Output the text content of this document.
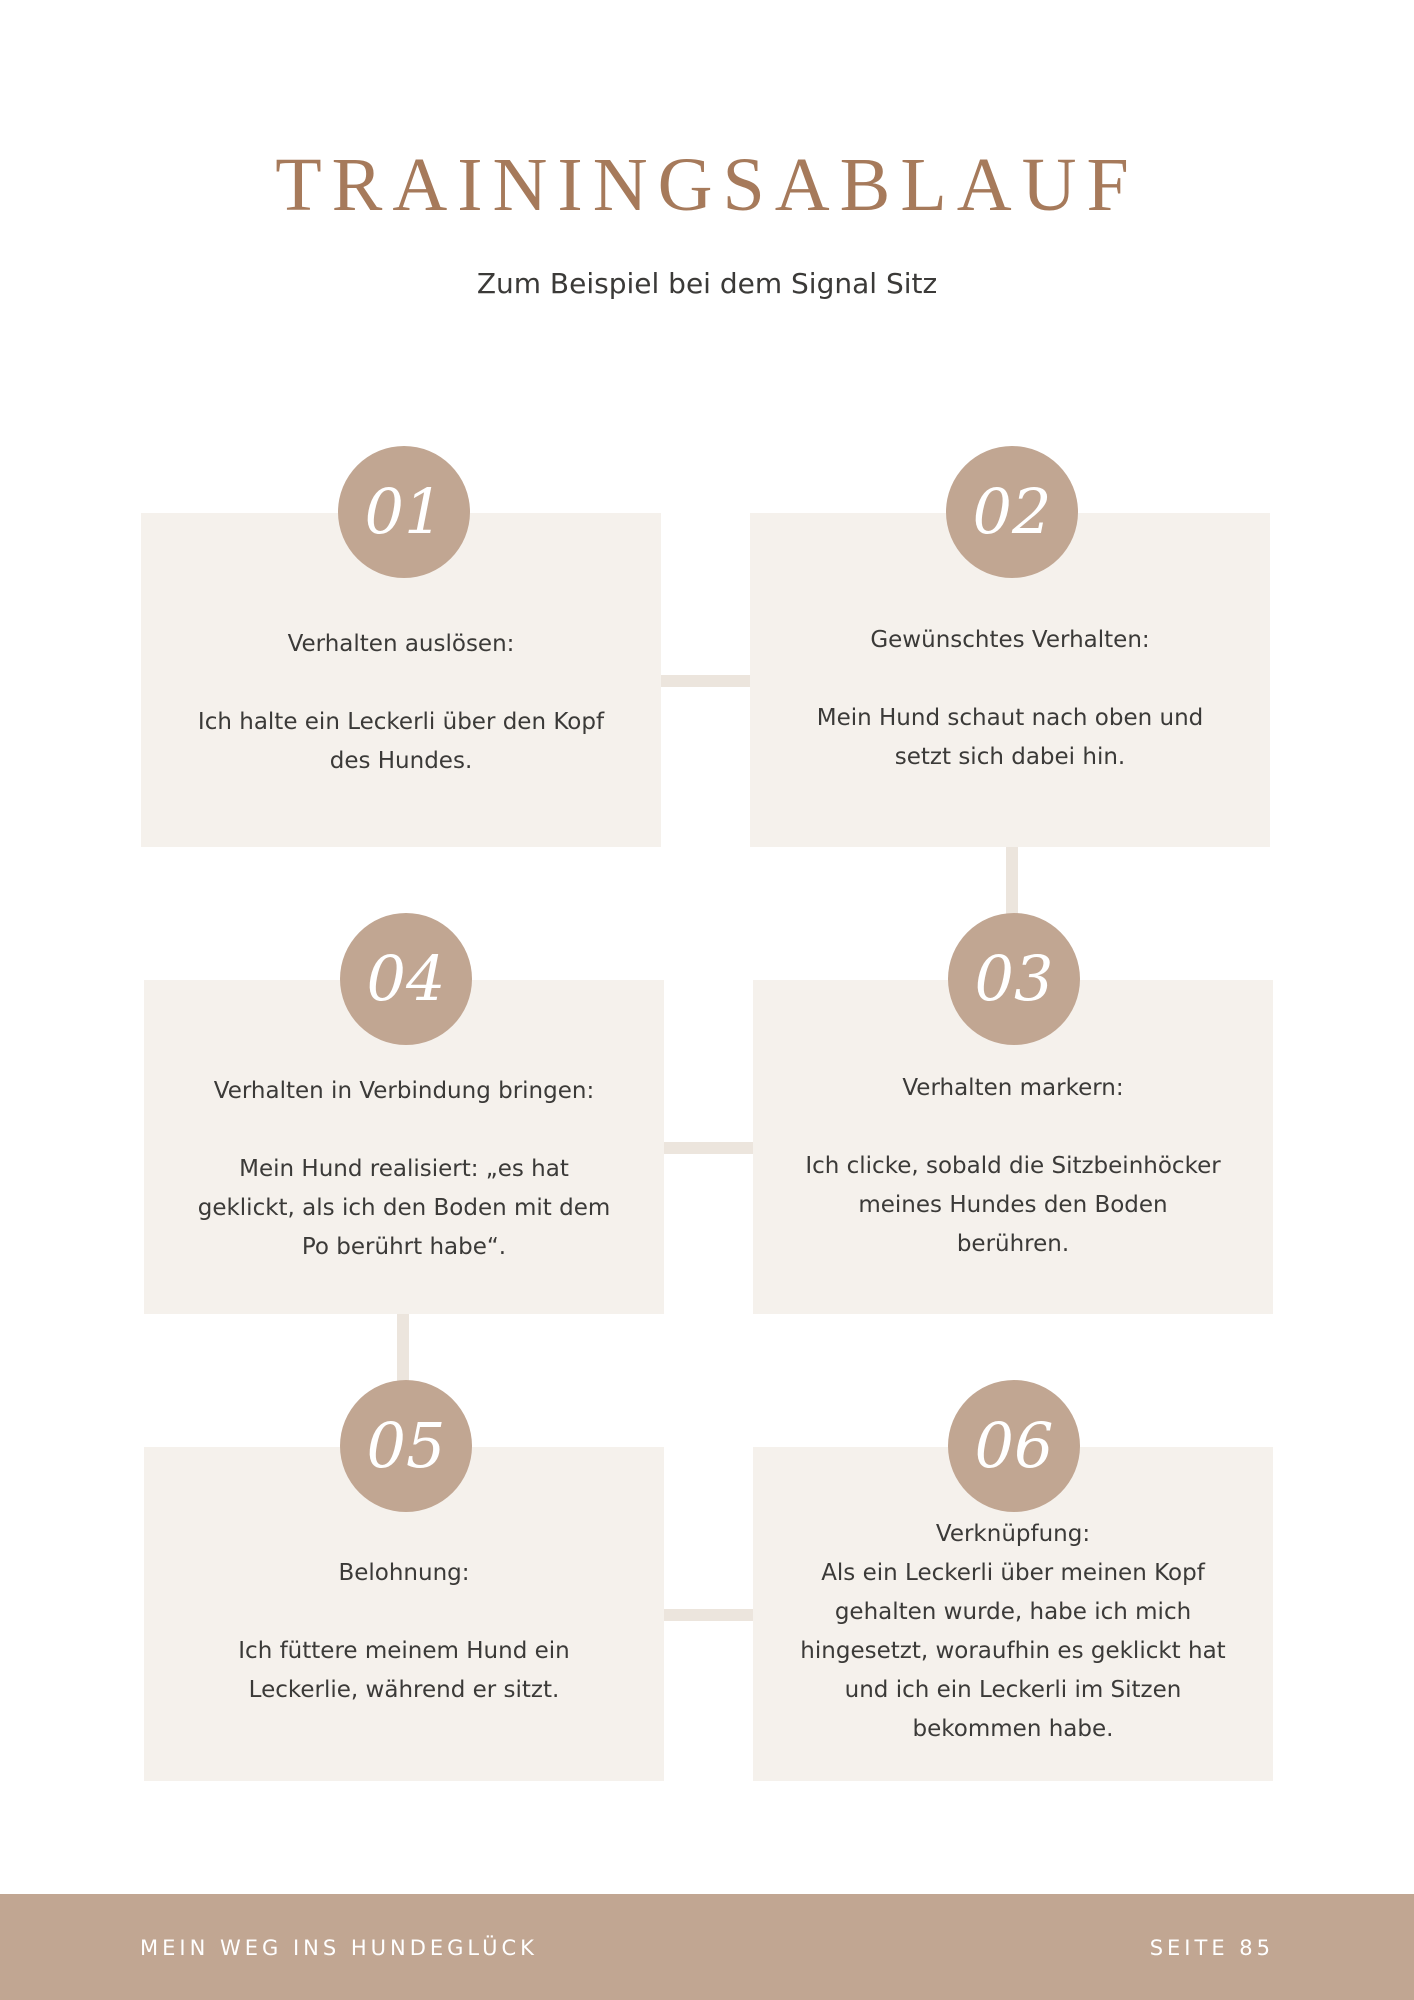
TRAININGSABLAUF
Zum Beispiel bei dem Signal Sitz
Verhalten auslösen:
Ich halte ein Leckerli über den Kopf
des Hundes.
01
Gewünschtes Verhalten:
Mein Hund schaut nach oben und
setzt sich dabei hin.
02
Verhalten in Verbindung bringen:
Mein Hund realisiert: „es hat
geklickt, als ich den Boden mit dem
Po berührt habe“.
04
Verhalten markern:
Ich clicke, sobald die Sitzbeinhöcker
meines Hundes den Boden
berühren.
03
Belohnung:
Ich füttere meinem Hund ein
Leckerlie, während er sitzt.
05
Verknüpfung:
Als ein Leckerli über meinen Kopf
gehalten wurde, habe ich mich
hingesetzt, woraufhin es geklickt hat
und ich ein Leckerli im Sitzen
bekommen habe.
06
MEIN WEG INS HUNDEGLÜCK	SEITE 85
